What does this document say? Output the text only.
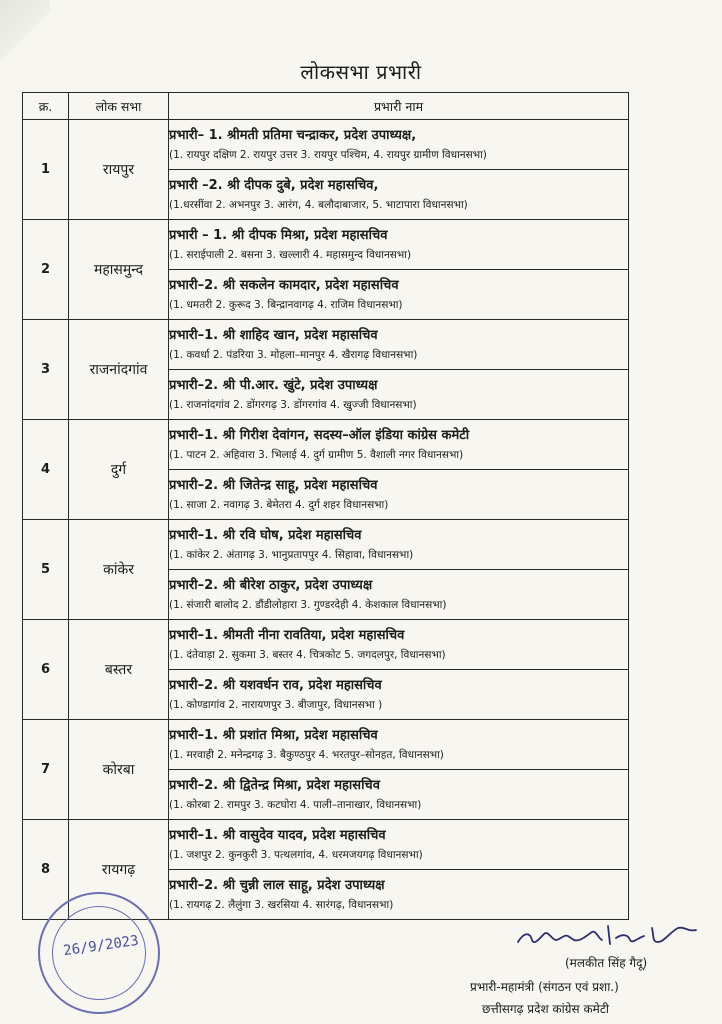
लोकसभा प्रभारी
क्र.	लोक सभा	प्रभारी नाम
1	रायपुर	प्रभारी– 1. श्रीमती प्रतिमा चन्द्राकर, प्रदेश उपाध्यक्ष,
(1. रायपुर दक्षिण 2. रायपुर उत्तर 3. रायपुर पश्चिम, 4. रायपुर ग्रामीण विधानसभा)

		प्रभारी –2. श्री दीपक दुबे, प्रदेश महासचिव,
(1.धरसींवा 2. अभनपुर 3. आरंग, 4. बलौदाबाजार, 5. भाटापारा विधानसभा)

2	महासमुन्द	प्रभारी – 1. श्री दीपक मिश्रा, प्रदेश महासचिव
(1. सराईपाली 2. बसना 3. खल्लारी 4. महासमुन्द विधानसभा)

		प्रभारी–2. श्री सकलेन कामदार, प्रदेश महासचिव
(1. धमतरी 2. कुरूद 3. बिन्द्रानवागढ़ 4. राजिम विधानसभा)

3	राजनांदगांव	प्रभारी–1. श्री शाहिद खान, प्रदेश महासचिव
(1. कवर्धा 2. पंडरिया 3. मोहला–मानपुर 4. खैरागढ़ विधानसभा)

		प्रभारी–2. श्री पी.आर. खुंटे, प्रदेश उपाध्यक्ष
(1. राजनांदगांव 2. डोंगरगढ़ 3. डोंगरगांव 4. खुज्जी विधानसभा)

4	दुर्ग	प्रभारी–1. श्री गिरीश देवांगन, सदस्य–ऑल इंडिया कांग्रेस कमेटी
(1. पाटन 2. अहिवारा 3. भिलाई 4. दुर्ग ग्रामीण 5. वैशाली नगर विधानसभा)

		प्रभारी–2. श्री जितेन्द्र साहू, प्रदेश महासचिव
(1. साजा 2. नवागढ़ 3. बेमेतरा 4. दुर्ग शहर विधानसभा)

5	कांकेर	प्रभारी–1. श्री रवि घोष, प्रदेश महासचिव
(1. कांकेर 2. अंतागढ़ 3. भानुप्रतापपुर 4. सिहावा, विधानसभा)

		प्रभारी–2. श्री बीरेश ठाकुर, प्रदेश उपाध्यक्ष
(1. संजारी बालोद 2. डौंडीलोहारा 3. गुण्डरदेही 4. केशकाल विधानसभा)

6	बस्तर	प्रभारी–1. श्रीमती नीना रावतिया, प्रदेश महासचिव
(1. दंतेवाड़ा 2. सुकमा 3. बस्तर 4. चित्रकोट 5. जगदलपुर, विधानसभा)

		प्रभारी–2. श्री यशवर्धन राव, प्रदेश महासचिव
(1. कोण्डागांव 2. नारायणपुर 3. बीजापुर, विधानसभा )

7	कोरबा	प्रभारी–1. श्री प्रशांत मिश्रा, प्रदेश महासचिव
(1. मरवाही 2. मनेन्द्रगढ़ 3. बैकुण्ठपुर 4. भरतपुर–सोनहत, विधानसभा)

		प्रभारी–2. श्री द्वितेन्द्र मिश्रा, प्रदेश महासचिव
(1. कोरबा 2. रामपुर 3. कटघोरा 4. पाली–तानाखार, विधानसभा)

8	रायगढ़	प्रभारी–1. श्री वासुदेव यादव, प्रदेश महासचिव
(1. जशपुर 2. कुनकुरी 3. पत्थलगांव, 4. धरमजयगढ़ विधानसभा)

		प्रभारी–2. श्री चुन्नी लाल साहू, प्रदेश उपाध्यक्ष
(1. रायगढ़ 2. लैलुंगा 3. खरसिया 4. सारंगढ़, विधानसभा)
26/9/2023
(मलकीत सिंह गैदू)
प्रभारी-महामंत्री (संगठन एवं प्रशा.)
छत्तीसगढ़ प्रदेश कांग्रेस कमेटी
